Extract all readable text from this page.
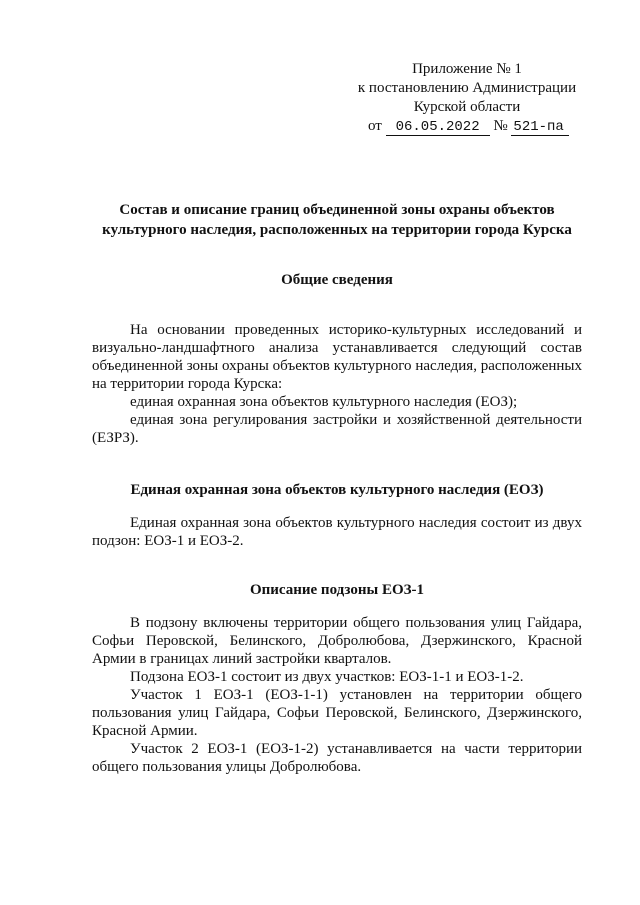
Приложение № 1
к постановлению Администрации
Курской области
от 06.05.2022 № 521-па
Состав и описание границ объединенной зоны охраны объектов культурного наследия, расположенных на территории города Курска
Общие сведения

На основании проведенных историко-культурных исследований и визуально-ландшафтного анализа устанавливается следующий состав объединенной зоны охраны объектов культурного наследия, расположенных на территории города Курска:

единая охранная зона объектов культурного наследия (ЕОЗ);

единая зона регулирования застройки и хозяйственной деятельности (ЕЗРЗ).

Единая охранная зона объектов культурного наследия (ЕОЗ)

Единая охранная зона объектов культурного наследия состоит из двух подзон: ЕОЗ-1 и ЕОЗ-2.

Описание подзоны ЕОЗ-1

В подзону включены территории общего пользования улиц Гайдара, Софьи Перовской, Белинского, Добролюбова, Дзержинского, Красной Армии в границах линий застройки кварталов.

Подзона ЕОЗ-1 состоит из двух участков: ЕОЗ-1-1 и ЕОЗ-1-2.

Участок 1 ЕОЗ-1 (ЕОЗ-1-1) установлен на территории общего пользования улиц Гайдара, Софьи Перовской, Белинского, Дзержинского, Красной Армии.

Участок 2 ЕОЗ-1 (ЕОЗ-1-2) устанавливается на части территории общего пользования улицы Добролюбова.
